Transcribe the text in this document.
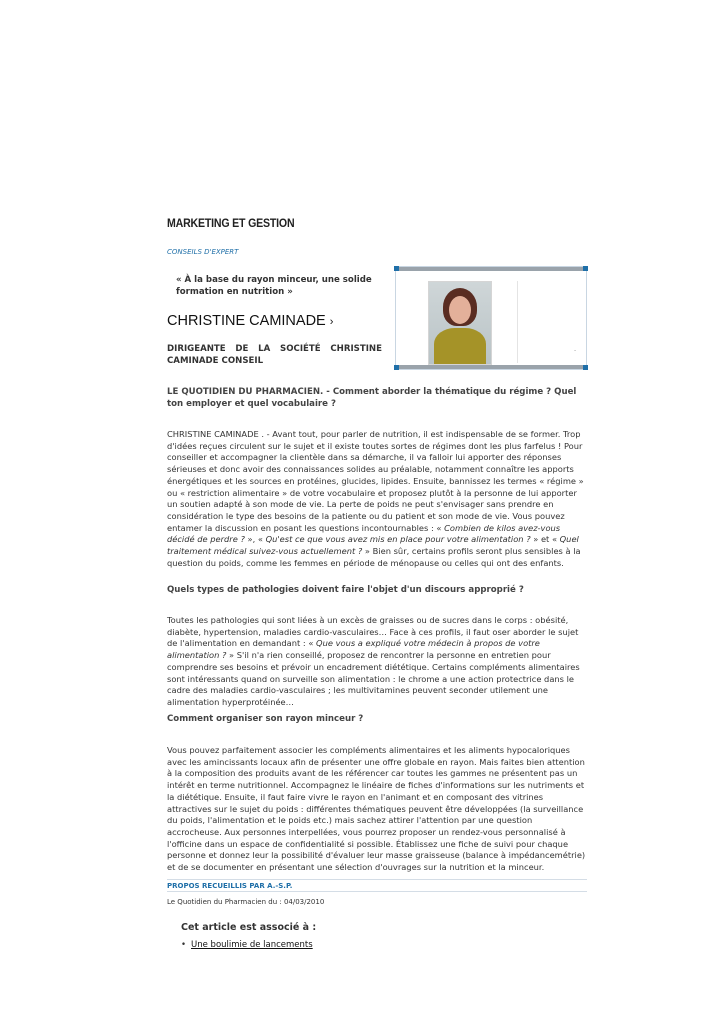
MARKETING ET GESTION
CONSEILS D'EXPERT
« À la base du rayon minceur, une solide formation en nutrition »
CHRISTINE CAMINADE ›
DIRIGEANTE DE LA SOCIÉTÉ CHRISTINE CAMINADE CONSEIL
-
LE QUOTIDIEN DU PHARMACIEN. - Comment aborder la thématique du régime ? Quel ton employer et quel vocabulaire ?
CHRISTINE CAMINADE . - Avant tout, pour parler de nutrition, il est indispensable de se former. Trop d'idées reçues circulent sur le sujet et il existe toutes sortes de régimes dont les plus farfelus ! Pour conseiller et accompagner la clientèle dans sa démarche, il va falloir lui apporter des réponses sérieuses et donc avoir des connaissances solides au préalable, notamment connaître les apports énergétiques et les sources en protéines, glucides, lipides. Ensuite, bannissez les termes « régime » ou « restriction alimentaire » de votre vocabulaire et proposez plutôt à la personne de lui apporter un soutien adapté à son mode de vie. La perte de poids ne peut s'envisager sans prendre en considération le type des besoins de la patiente ou du patient et son mode de vie. Vous pouvez entamer la discussion en posant les questions incontournables : « Combien de kilos avez-vous décidé de perdre ? », « Qu'est ce que vous avez mis en place pour votre alimentation ? » et « Quel traitement médical suivez-vous actuellement ? » Bien sûr, certains profils seront plus sensibles à la question du poids, comme les femmes en période de ménopause ou celles qui ont des enfants.
Quels types de pathologies doivent faire l'objet d'un discours approprié ?
Toutes les pathologies qui sont liées à un excès de graisses ou de sucres dans le corps : obésité, diabète, hypertension, maladies cardio-vasculaires… Face à ces profils, il faut oser aborder le sujet de l'alimentation en demandant : « Que vous a expliqué votre médecin à propos de votre alimentation ? » S'il n'a rien conseillé, proposez de rencontrer la personne en entretien pour comprendre ses besoins et prévoir un encadrement diététique. Certains compléments alimentaires sont intéressants quand on surveille son alimentation : le chrome a une action protectrice dans le cadre des maladies cardio-vasculaires ; les multivitamines peuvent seconder utilement une alimentation hyperprotéinée…
Comment organiser son rayon minceur ?
Vous pouvez parfaitement associer les compléments alimentaires et les aliments hypocaloriques avec les amincissants locaux afin de présenter une offre globale en rayon. Mais faites bien attention à la composition des produits avant de les référencer car toutes les gammes ne présentent pas un intérêt en terme nutritionnel. Accompagnez le linéaire de fiches d'informations sur les nutriments et la diététique. Ensuite, il faut faire vivre le rayon en l'animant et en composant des vitrines attractives sur le sujet du poids : différentes thématiques peuvent être développées (la surveillance du poids, l'alimentation et le poids etc.) mais sachez attirer l'attention par une question accrocheuse. Aux personnes interpellées, vous pourrez proposer un rendez-vous personnalisé à l'officine dans un espace de confidentialité si possible. Établissez une fiche de suivi pour chaque personne et donnez leur la possibilité d'évaluer leur masse graisseuse (balance à impédancemétrie) et de se documenter en présentant une sélection d'ouvrages sur la nutrition et la minceur.
PROPOS RECUEILLIS PAR A.-S.P.
Le Quotidien du Pharmacien du : 04/03/2010
Cet article est associé à :
• Une boulimie de lancements
